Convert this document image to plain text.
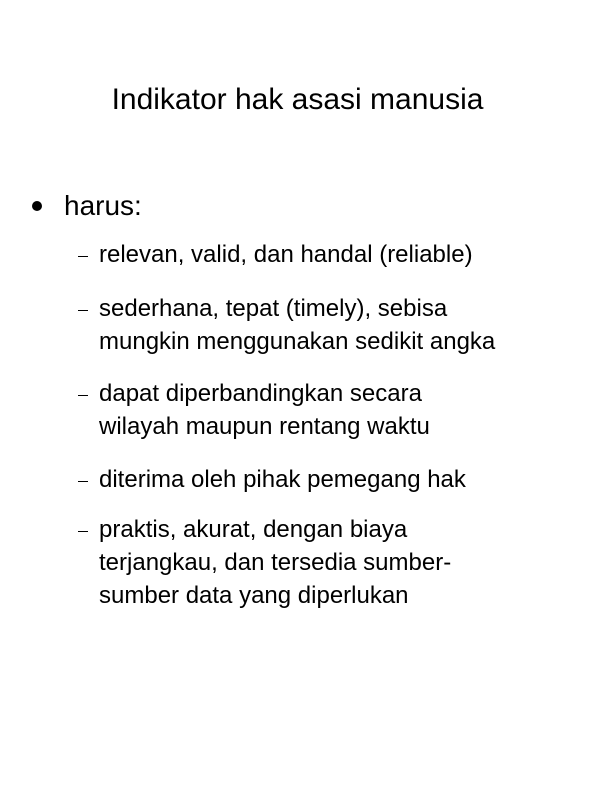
Indikator hak asasi manusia
harus:
relevan, valid, dan handal (reliable)
sederhana, tepat (timely), sebisa
mungkin menggunakan sedikit angka
dapat diperbandingkan secara
wilayah maupun rentang waktu
diterima oleh pihak pemegang hak
praktis, akurat, dengan biaya
terjangkau, dan tersedia sumber-
sumber data yang diperlukan
